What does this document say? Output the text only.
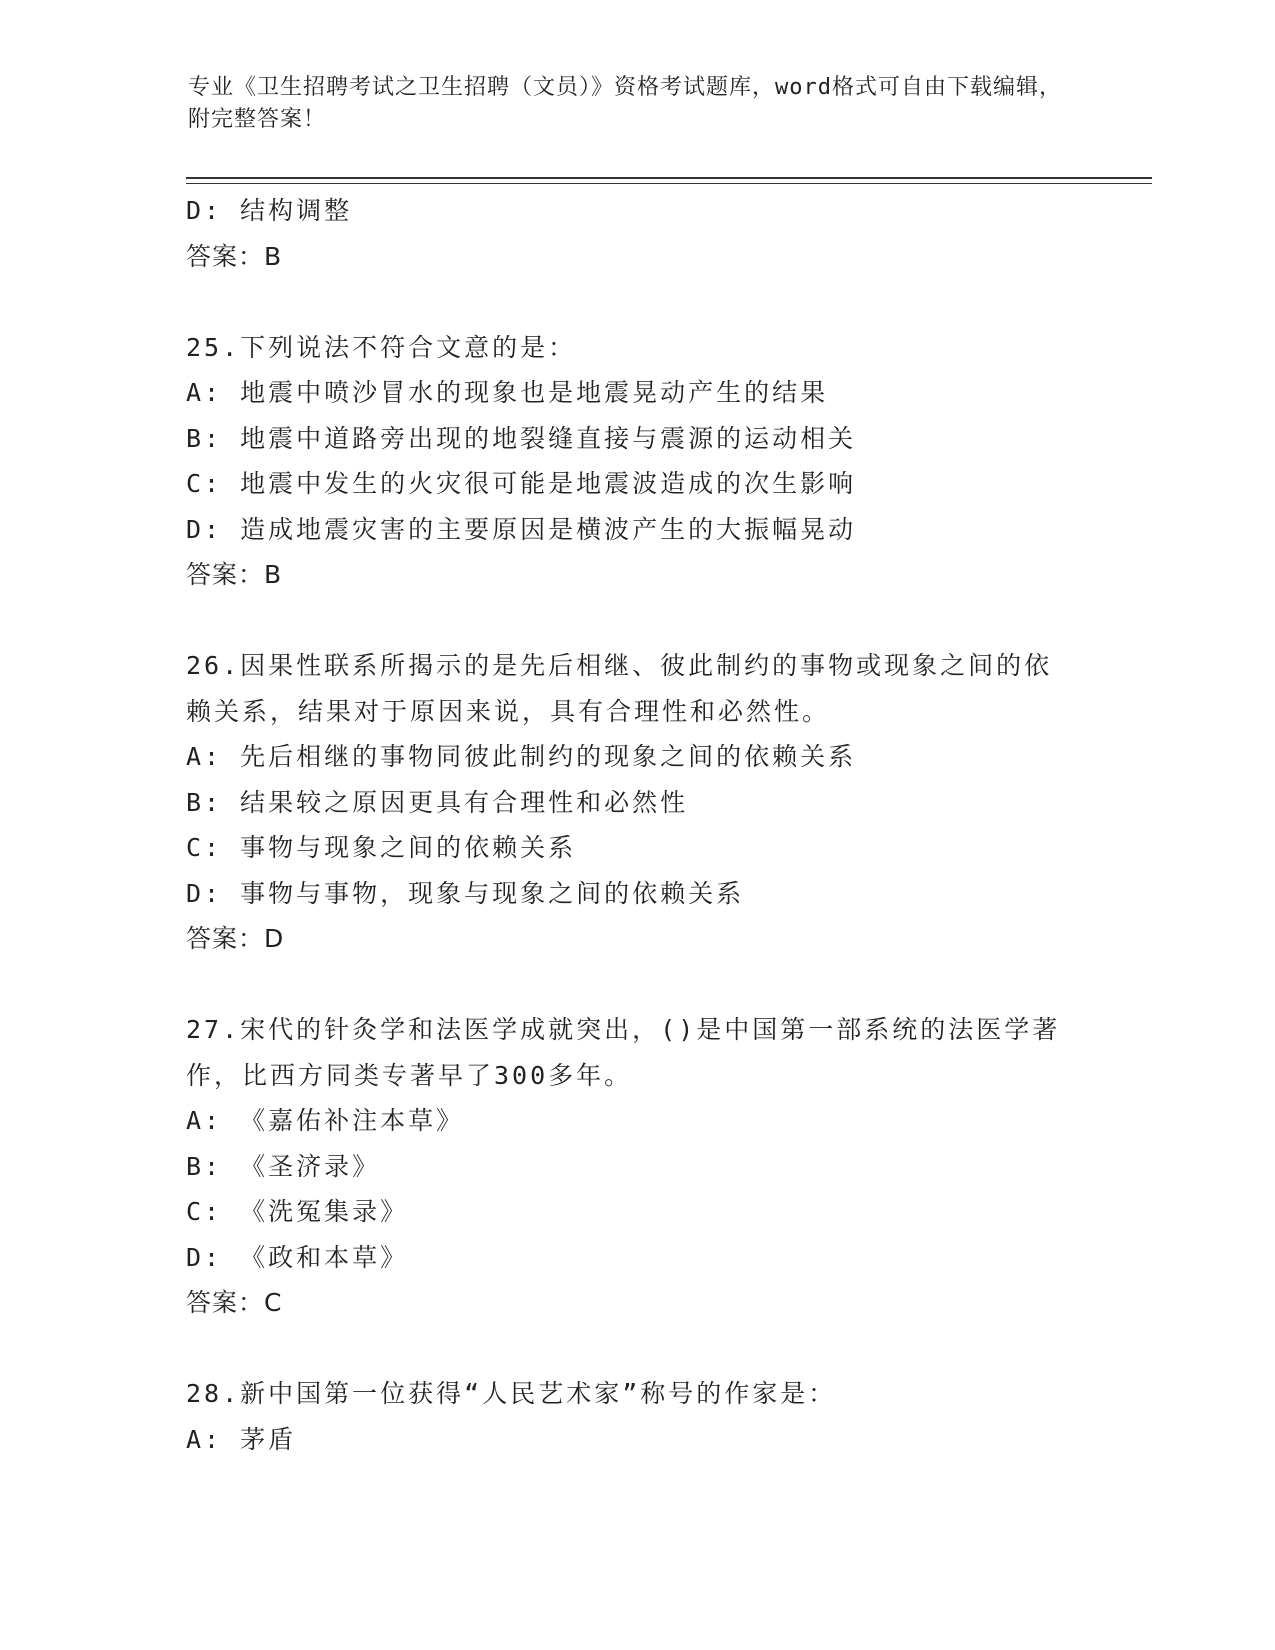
专业《卫生招聘考试之卫生招聘（文员）》资格考试题库，word格式可自由下载编辑，附完整答案！
D: 结构调整
答案：B
25.下列说法不符合文意的是：
A: 地震中喷沙冒水的现象也是地震晃动产生的结果
B: 地震中道路旁出现的地裂缝直接与震源的运动相关
C: 地震中发生的火灾很可能是地震波造成的次生影响
D: 造成地震灾害的主要原因是横波产生的大振幅晃动
答案：B
26.因果性联系所揭示的是先后相继、彼此制约的事物或现象之间的依
赖关系，结果对于原因来说，具有合理性和必然性。
A: 先后相继的事物同彼此制约的现象之间的依赖关系
B: 结果较之原因更具有合理性和必然性
C: 事物与现象之间的依赖关系
D: 事物与事物，现象与现象之间的依赖关系
答案：D
27.宋代的针灸学和法医学成就突出，()是中国第一部系统的法医学著
作，比西方同类专著早了300多年。
A: 《嘉佑补注本草》
B: 《圣济录》
C: 《洗冤集录》
D: 《政和本草》
答案：C
28.新中国第一位获得“人民艺术家”称号的作家是：
A: 茅盾
